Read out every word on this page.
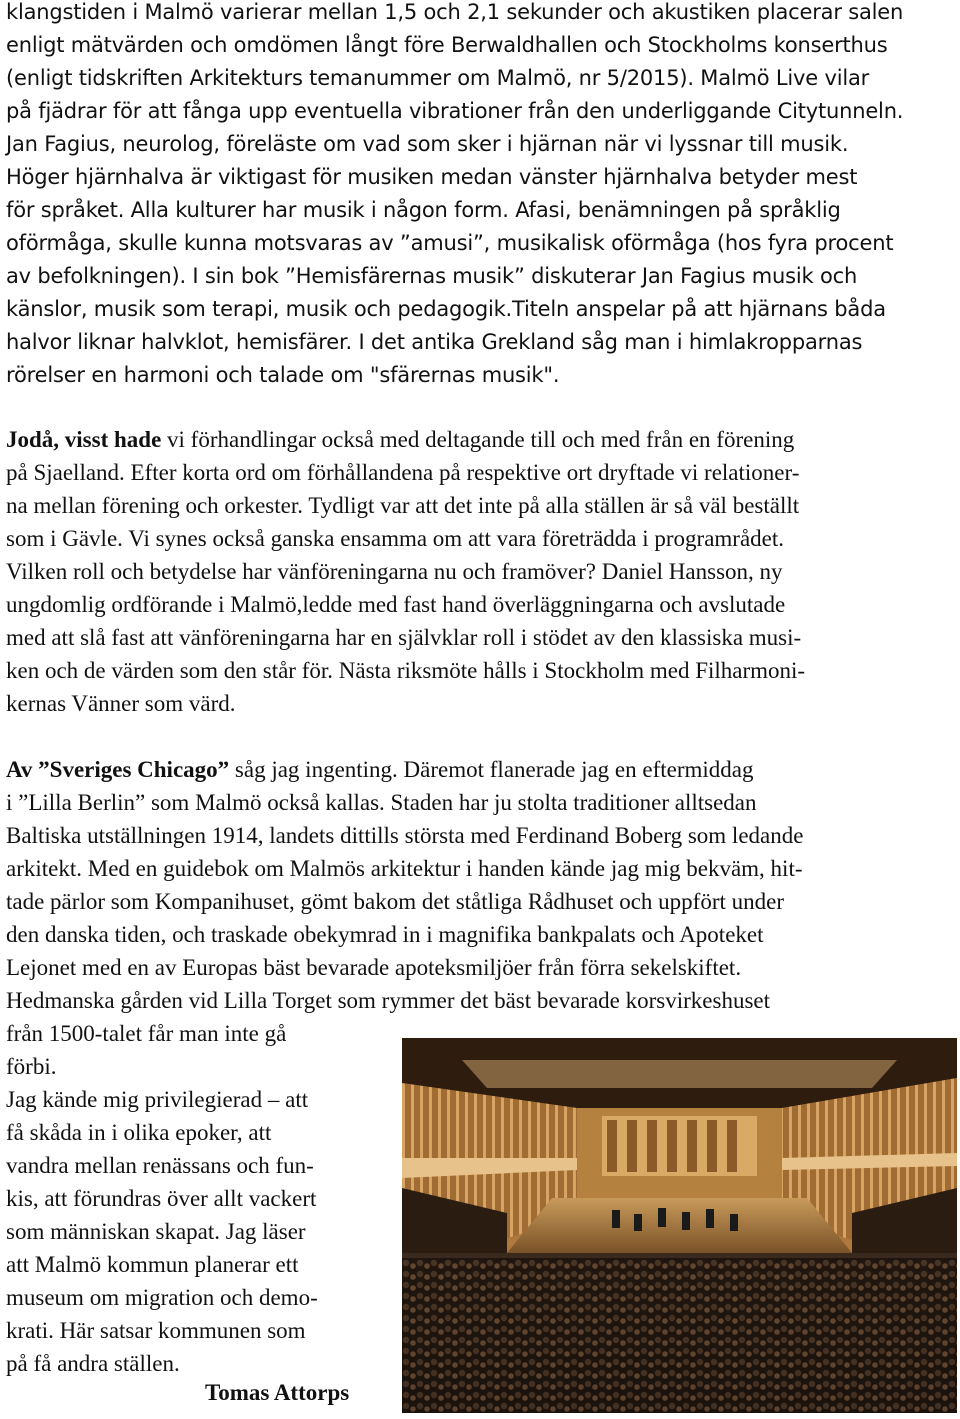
klangstiden i Malmö varierar mellan 1,5 och 2,1 sekunder och akustiken placerar salen
enligt mätvärden och omdömen långt före Berwaldhallen och Stockholms konserthus
(enligt tidskriften Arkitekturs temanummer om Malmö, nr 5/2015). Malmö Live vilar
på fjädrar för att fånga upp eventuella vibrationer från den underliggande Citytunneln.
Jan Fagius, neurolog, föreläste om vad som sker i hjärnan när vi lyssnar till musik.
Höger hjärnhalva är viktigast för musiken medan vänster hjärnhalva betyder mest
för språket. Alla kulturer har musik i någon form. Afasi, benämningen på språklig
oförmåga, skulle kunna motsvaras av ”amusi”, musikalisk oförmåga (hos fyra procent
av befolkningen). I sin bok ”Hemisfärernas musik” diskuterar Jan Fagius musik och
känslor, musik som terapi, musik och pedagogik.Titeln anspelar på att hjärnans båda
halvor liknar halvklot, hemisfärer. I det antika Grekland såg man i himlakropparnas
rörelser en harmoni och talade om "sfärernas musik".
Jodå, visst hade vi förhandlingar också med deltagande till och med från en förening
på Sjaelland. Efter korta ord om förhållandena på respektive ort dryftade vi relationer-
na mellan förening och orkester. Tydligt var att det inte på alla ställen är så väl beställt
som i Gävle. Vi synes också ganska ensamma om att vara företrädda i programrådet.
Vilken roll och betydelse har vänföreningarna nu och framöver? Daniel Hansson, ny
ungdomlig ordförande i Malmö,ledde med fast hand överläggningarna och avslutade
med att slå fast att vänföreningarna har en självklar roll i stödet av den klassiska musi-
ken och de värden som den står för. Nästa riksmöte hålls i Stockholm med Filharmoni-
kernas Vänner som värd.
Av ”Sveriges Chicago” såg jag ingenting. Däremot flanerade jag en eftermiddag
i ”Lilla Berlin” som Malmö också kallas. Staden har ju stolta traditioner alltsedan
Baltiska utställningen 1914, landets dittills största med Ferdinand Boberg som ledande
arkitekt. Med en guidebok om Malmös arkitektur i handen kände jag mig bekväm, hit-
tade pärlor som Kompanihuset, gömt bakom det ståtliga Rådhuset och uppfört under
den danska tiden, och traskade obekymrad in i magnifika bankpalats och Apoteket
Lejonet med en av Europas bäst bevarade apoteksmiljöer från förra sekelskiftet.
Hedmanska gården vid Lilla Torget som rymmer det bäst bevarade korsvirkeshuset
från 1500-talet får man inte gå
förbi.
Jag kände mig privilegierad – att
få skåda in i olika epoker, att
vandra mellan renässans och fun-
kis, att förundras över allt vackert
som människan skapat. Jag läser
att Malmö kommun planerar ett
museum om migration och demo-
krati. Här satsar kommunen som
på få andra ställen.
Tomas Attorps
